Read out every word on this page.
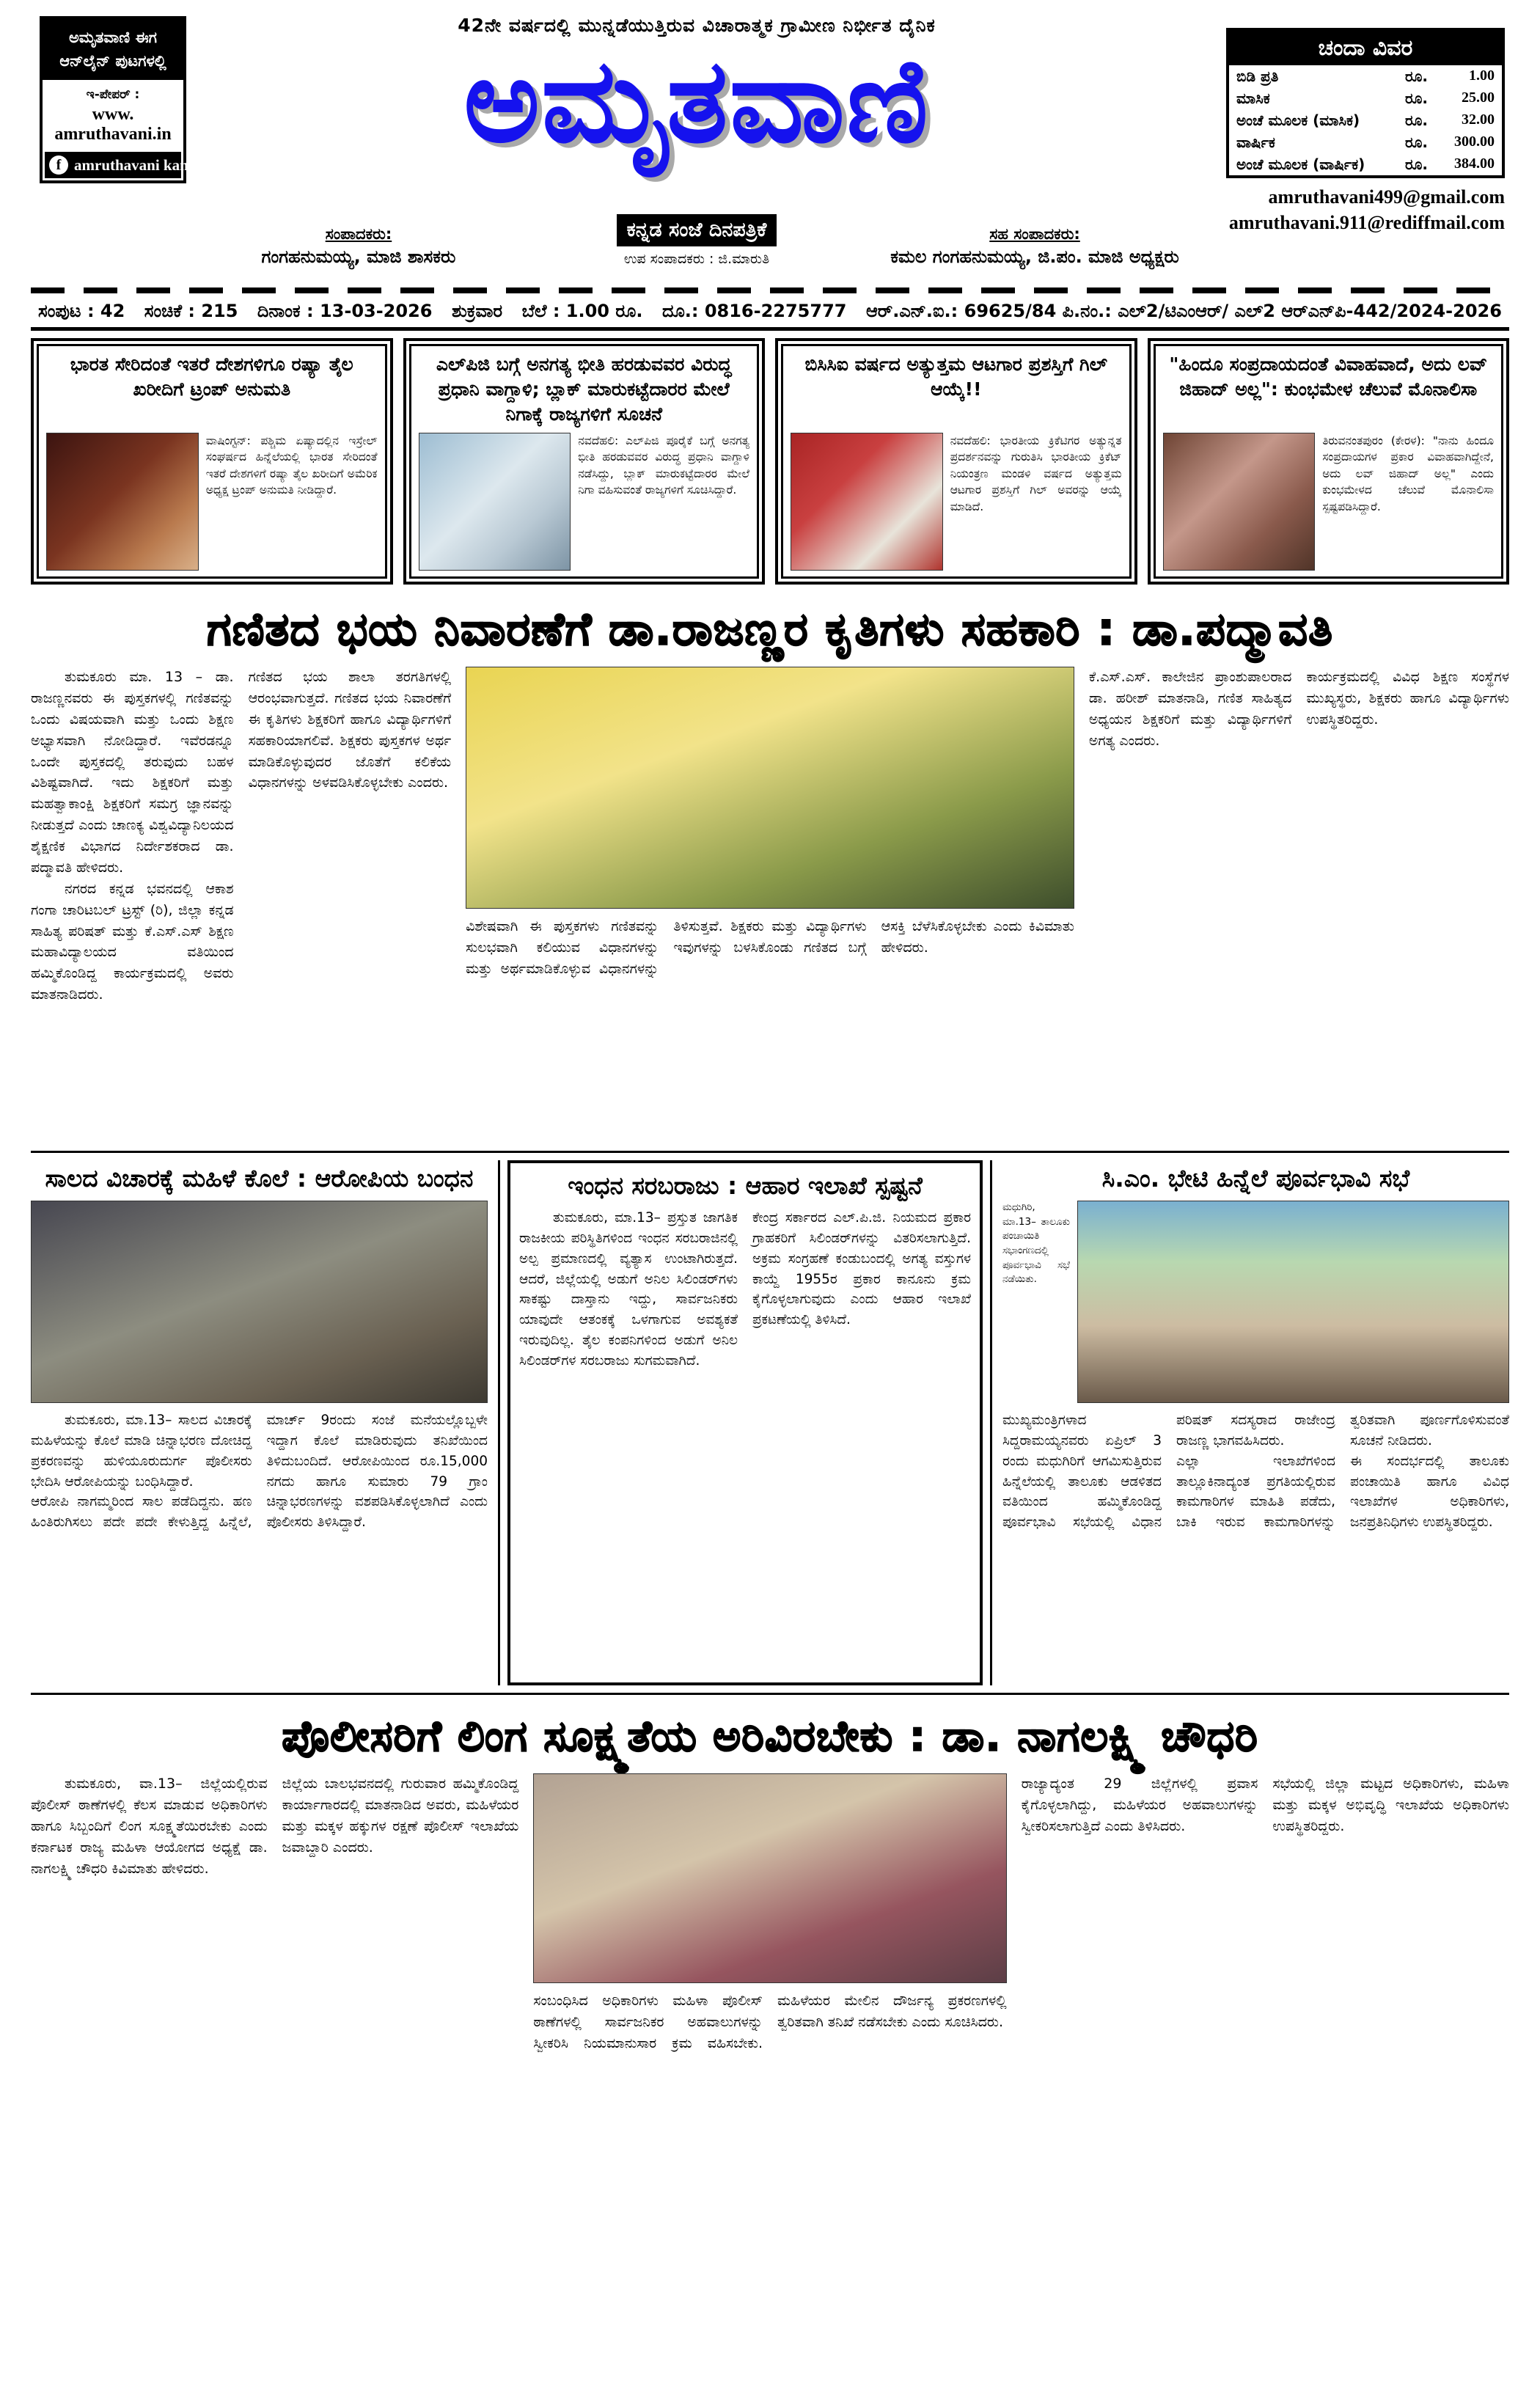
ಅಮೃತವಾಣಿ ಈಗ
ಆನ್‌ಲೈನ್ ಪುಟಗಳಲ್ಲಿ
ಇ-ಪೇಪರ್ :
www. amruthavani.in
f amruthavani kannada
42ನೇ ವರ್ಷದಲ್ಲಿ ಮುನ್ನಡೆಯುತ್ತಿರುವ ವಿಚಾರಾತ್ಮಕ ಗ್ರಾಮೀಣ ನಿರ್ಭೀತ ದೈನಿಕ
ಅಮೃತವಾಣಿ
ಸಂಪಾದಕರು:
ಗಂಗಹನುಮಯ್ಯ, ಮಾಜಿ ಶಾಸಕರು
ಕನ್ನಡ ಸಂಜೆ ದಿನಪತ್ರಿಕೆ
ಉಪ ಸಂಪಾದಕರು : ಜಿ.ಮಾರುತಿ
ಸಹ ಸಂಪಾದಕರು:
ಕಮಲ ಗಂಗಹನುಮಯ್ಯ, ಜಿ.ಪಂ. ಮಾಜಿ ಅಧ್ಯಕ್ಷರು
ಚಂದಾ ವಿವರ
ಬಿಡಿ ಪ್ರತಿ	ರೂ.	1.00
ಮಾಸಿಕ	ರೂ.	25.00
ಅಂಚೆ ಮೂಲಕ (ಮಾಸಿಕ)	ರೂ.	32.00
ವಾರ್ಷಿಕ	ರೂ.	300.00
ಅಂಚೆ ಮೂಲಕ (ವಾರ್ಷಿಕ)	ರೂ.	384.00
amruthavani499@gmail.com
amruthavani.911@rediffmail.com
ಸಂಪುಟ : 42 ಸಂಚಿಕೆ : 215 ದಿನಾಂಕ : 13-03-2026 ಶುಕ್ರವಾರ ಬೆಲೆ : 1.00 ರೂ. ದೂ.: 0816-2275777 ಆರ್.ಎನ್.ಐ.: 69625/84 ಪಿ.ನಂ.: ಎಲ್2/ಟಿಎಂಆರ್/ ಎಲ್2 ಆರ್‌ಎನ್‌ಪಿ-442/2024-2026
ಭಾರತ ಸೇರಿದಂತೆ ಇತರೆ ದೇಶಗಳಿಗೂ ರಷ್ಯಾ ತೈಲ ಖರೀದಿಗೆ ಟ್ರಂಪ್ ಅನುಮತಿ
ವಾಷಿಂಗ್ಟನ್: ಪಶ್ಚಿಮ ಏಷ್ಯಾದಲ್ಲಿನ ಇಸ್ರೇಲ್ ಸಂಘರ್ಷದ ಹಿನ್ನೆಲೆಯಲ್ಲಿ ಭಾರತ ಸೇರಿದಂತೆ ಇತರೆ ದೇಶಗಳಿಗೆ ರಷ್ಯಾ ತೈಲ ಖರೀದಿಗೆ ಅಮೆರಿಕ ಅಧ್ಯಕ್ಷ ಟ್ರಂಪ್ ಅನುಮತಿ ನೀಡಿದ್ದಾರೆ.
ಎಲ್‌ಪಿಜಿ ಬಗ್ಗೆ ಅನಗತ್ಯ ಭೀತಿ ಹರಡುವವರ ವಿರುದ್ಧ ಪ್ರಧಾನಿ ವಾಗ್ದಾಳಿ; ಬ್ಲಾಕ್ ಮಾರುಕಟ್ಟೆದಾರರ ಮೇಲೆ ನಿಗಾಕ್ಕೆ ರಾಜ್ಯಗಳಿಗೆ ಸೂಚನೆ
ನವದೆಹಲಿ: ಎಲ್‌ಪಿಜಿ ಪೂರೈಕೆ ಬಗ್ಗೆ ಅನಗತ್ಯ ಭೀತಿ ಹರಡುವವರ ವಿರುದ್ಧ ಪ್ರಧಾನಿ ವಾಗ್ದಾಳಿ ನಡೆಸಿದ್ದು, ಬ್ಲಾಕ್ ಮಾರುಕಟ್ಟೆದಾರರ ಮೇಲೆ ನಿಗಾ ವಹಿಸುವಂತೆ ರಾಜ್ಯಗಳಿಗೆ ಸೂಚಿಸಿದ್ದಾರೆ.
ಬಿಸಿಸಿಐ ವರ್ಷದ ಅತ್ಯುತ್ತಮ ಆಟಗಾರ ಪ್ರಶಸ್ತಿಗೆ ಗಿಲ್ ಆಯ್ಕೆ!!
ನವದೆಹಲಿ: ಭಾರತೀಯ ಕ್ರಿಕೆಟಿಗರ ಅತ್ಯುನ್ನತ ಪ್ರದರ್ಶನವನ್ನು ಗುರುತಿಸಿ ಭಾರತೀಯ ಕ್ರಿಕೆಟ್ ನಿಯಂತ್ರಣ ಮಂಡಳಿ ವರ್ಷದ ಅತ್ಯುತ್ತಮ ಆಟಗಾರ ಪ್ರಶಸ್ತಿಗೆ ಗಿಲ್ ಅವರನ್ನು ಆಯ್ಕೆ ಮಾಡಿದೆ.
"ಹಿಂದೂ ಸಂಪ್ರದಾಯದಂತೆ ವಿವಾಹವಾದೆ, ಅದು ಲವ್ ಜಿಹಾದ್ ಅಲ್ಲ": ಕುಂಭಮೇಳ ಚೆಲುವೆ ಮೊನಾಲಿಸಾ
ತಿರುವನಂತಪುರಂ (ಕೇರಳ): "ನಾನು ಹಿಂದೂ ಸಂಪ್ರದಾಯಗಳ ಪ್ರಕಾರ ವಿವಾಹವಾಗಿದ್ದೇನೆ, ಅದು ಲವ್ ಜಿಹಾದ್ ಅಲ್ಲ" ಎಂದು ಕುಂಭಮೇಳದ ಚೆಲುವೆ ಮೊನಾಲಿಸಾ ಸ್ಪಷ್ಟಪಡಿಸಿದ್ದಾರೆ.
ಗಣಿತದ ಭಯ ನಿವಾರಣೆಗೆ ಡಾ.ರಾಜಣ್ಣರ ಕೃತಿಗಳು ಸಹಕಾರಿ : ಡಾ.ಪದ್ಮಾವತಿ

ತುಮಕೂರು ಮಾ. 13 – ಡಾ. ರಾಜಣ್ಣನವರು ಈ ಪುಸ್ತಕಗಳಲ್ಲಿ ಗಣಿತವನ್ನು ಒಂದು ವಿಷಯವಾಗಿ ಮತ್ತು ಒಂದು ಶಿಕ್ಷಣ ಅಭ್ಯಾಸವಾಗಿ ನೋಡಿದ್ದಾರೆ. ಇವೆರಡನ್ನೂ ಒಂದೇ ಪುಸ್ತಕದಲ್ಲಿ ತರುವುದು ಬಹಳ ವಿಶಿಷ್ಟವಾಗಿದೆ. ಇದು ಶಿಕ್ಷಕರಿಗೆ ಮತ್ತು ಮಹತ್ವಾಕಾಂಕ್ಷಿ ಶಿಕ್ಷಕರಿಗೆ ಸಮಗ್ರ ಜ್ಞಾನವನ್ನು ನೀಡುತ್ತದೆ ಎಂದು ಚಾಣಕ್ಯ ವಿಶ್ವವಿದ್ಯಾನಿಲಯದ ಶೈಕ್ಷಣಿಕ ವಿಭಾಗದ ನಿರ್ದೇಶಕರಾದ ಡಾ. ಪದ್ಮಾವತಿ ಹೇಳಿದರು.

ನಗರದ ಕನ್ನಡ ಭವನದಲ್ಲಿ ಆಕಾಶ ಗಂಗಾ ಚಾರಿಟಬಲ್ ಟ್ರಸ್ಟ್ (ರಿ), ಜಿಲ್ಲಾ ಕನ್ನಡ ಸಾಹಿತ್ಯ ಪರಿಷತ್ ಮತ್ತು ಕೆ.ಎಸ್.ಎಸ್ ಶಿಕ್ಷಣ ಮಹಾವಿದ್ಯಾಲಯದ ವತಿಯಿಂದ ಹಮ್ಮಿಕೊಂಡಿದ್ದ ಕಾರ್ಯಕ್ರಮದಲ್ಲಿ ಅವರು ಮಾತನಾಡಿದರು.

ಗಣಿತದ ಭಯ ಶಾಲಾ ತರಗತಿಗಳಲ್ಲಿ ಆರಂಭವಾಗುತ್ತದೆ. ಗಣಿತದ ಭಯ ನಿವಾರಣೆಗೆ ಈ ಕೃತಿಗಳು ಶಿಕ್ಷಕರಿಗೆ ಹಾಗೂ ವಿದ್ಯಾರ್ಥಿಗಳಿಗೆ ಸಹಕಾರಿಯಾಗಲಿವೆ. ಶಿಕ್ಷಕರು ಪುಸ್ತಕಗಳ ಅರ್ಥ ಮಾಡಿಕೊಳ್ಳುವುದರ ಜೊತೆಗೆ ಕಲಿಕೆಯ ವಿಧಾನಗಳನ್ನು ಅಳವಡಿಸಿಕೊಳ್ಳಬೇಕು ಎಂದರು.

ವಿಶೇಷವಾಗಿ ಈ ಪುಸ್ತಕಗಳು ಗಣಿತವನ್ನು ಸುಲಭವಾಗಿ ಕಲಿಯುವ ವಿಧಾನಗಳನ್ನು ಮತ್ತು ಅರ್ಥಮಾಡಿಕೊಳ್ಳುವ ವಿಧಾನಗಳನ್ನು ತಿಳಿಸುತ್ತವೆ. ಶಿಕ್ಷಕರು ಮತ್ತು ವಿದ್ಯಾರ್ಥಿಗಳು ಇವುಗಳನ್ನು ಬಳಸಿಕೊಂಡು ಗಣಿತದ ಬಗ್ಗೆ ಆಸಕ್ತಿ ಬೆಳೆಸಿಕೊಳ್ಳಬೇಕು ಎಂದು ಕಿವಿಮಾತು ಹೇಳಿದರು.

ಕೆ.ಎಸ್.ಎಸ್. ಕಾಲೇಜಿನ ಪ್ರಾಂಶುಪಾಲರಾದ ಡಾ. ಹರೀಶ್ ಮಾತನಾಡಿ, ಗಣಿತ ಸಾಹಿತ್ಯದ ಅಧ್ಯಯನ ಶಿಕ್ಷಕರಿಗೆ ಮತ್ತು ವಿದ್ಯಾರ್ಥಿಗಳಿಗೆ ಅಗತ್ಯ ಎಂದರು.

ಕಾರ್ಯಕ್ರಮದಲ್ಲಿ ವಿವಿಧ ಶಿಕ್ಷಣ ಸಂಸ್ಥೆಗಳ ಮುಖ್ಯಸ್ಥರು, ಶಿಕ್ಷಕರು ಹಾಗೂ ವಿದ್ಯಾರ್ಥಿಗಳು ಉಪಸ್ಥಿತರಿದ್ದರು.

ಸಾಲದ ವಿಚಾರಕ್ಕೆ ಮಹಿಳೆ ಕೊಲೆ : ಆರೋಪಿಯ ಬಂಧನ

ತುಮಕೂರು, ಮಾ.13– ಸಾಲದ ವಿಚಾರಕ್ಕೆ ಮಹಿಳೆಯನ್ನು ಕೊಲೆ ಮಾಡಿ ಚಿನ್ನಾಭರಣ ದೋಚಿದ್ದ ಪ್ರಕರಣವನ್ನು ಹುಳಿಯೂರುದುರ್ಗ ಪೊಲೀಸರು ಭೇದಿಸಿ ಆರೋಪಿಯನ್ನು ಬಂಧಿಸಿದ್ದಾರೆ.

ಆರೋಪಿ ನಾಗಮ್ಮರಿಂದ ಸಾಲ ಪಡೆದಿದ್ದನು. ಹಣ ಹಿಂತಿರುಗಿಸಲು ಪದೇ ಪದೇ ಕೇಳುತ್ತಿದ್ದ ಹಿನ್ನೆಲೆ, ಮಾರ್ಚ್ 9ರಂದು ಸಂಜೆ ಮನೆಯಲ್ಲೊಬ್ಬಳೇ ಇದ್ದಾಗ ಕೊಲೆ ಮಾಡಿರುವುದು ತನಿಖೆಯಿಂದ ತಿಳಿದುಬಂದಿದೆ. ಆರೋಪಿಯಿಂದ ರೂ.15,000 ನಗದು ಹಾಗೂ ಸುಮಾರು 79 ಗ್ರಾಂ ಚಿನ್ನಾಭರಣಗಳನ್ನು ವಶಪಡಿಸಿಕೊಳ್ಳಲಾಗಿದೆ ಎಂದು ಪೊಲೀಸರು ತಿಳಿಸಿದ್ದಾರೆ.

ಇಂಧನ ಸರಬರಾಜು : ಆಹಾರ ಇಲಾಖೆ ಸ್ಪಷ್ಟನೆ

ತುಮಕೂರು, ಮಾ.13– ಪ್ರಸ್ತುತ ಜಾಗತಿಕ ರಾಜಕೀಯ ಪರಿಸ್ಥಿತಿಗಳಿಂದ ಇಂಧನ ಸರಬರಾಜಿನಲ್ಲಿ ಅಲ್ಪ ಪ್ರಮಾಣದಲ್ಲಿ ವ್ಯತ್ಯಾಸ ಉಂಟಾಗಿರುತ್ತದೆ. ಆದರೆ, ಜಿಲ್ಲೆಯಲ್ಲಿ ಅಡುಗೆ ಅನಿಲ ಸಿಲಿಂಡರ್‌ಗಳು ಸಾಕಷ್ಟು ದಾಸ್ತಾನು ಇದ್ದು, ಸಾರ್ವಜನಿಕರು ಯಾವುದೇ ಆತಂಕಕ್ಕೆ ಒಳಗಾಗುವ ಅವಶ್ಯಕತೆ ಇರುವುದಿಲ್ಲ. ತೈಲ ಕಂಪನಿಗಳಿಂದ ಅಡುಗೆ ಅನಿಲ ಸಿಲಿಂಡರ್‌ಗಳ ಸರಬರಾಜು ಸುಗಮವಾಗಿದೆ.

ಕೇಂದ್ರ ಸರ್ಕಾರದ ಎಲ್.ಪಿ.ಜಿ. ನಿಯಮದ ಪ್ರಕಾರ ಗ್ರಾಹಕರಿಗೆ ಸಿಲಿಂಡರ್‌ಗಳನ್ನು ವಿತರಿಸಲಾಗುತ್ತಿದೆ. ಅಕ್ರಮ ಸಂಗ್ರಹಣೆ ಕಂಡುಬಂದಲ್ಲಿ ಅಗತ್ಯ ವಸ್ತುಗಳ ಕಾಯ್ದೆ 1955ರ ಪ್ರಕಾರ ಕಾನೂನು ಕ್ರಮ ಕೈಗೊಳ್ಳಲಾಗುವುದು ಎಂದು ಆಹಾರ ಇಲಾಖೆ ಪ್ರಕಟಣೆಯಲ್ಲಿ ತಿಳಿಸಿದೆ.

ಸಿ.ಎಂ. ಭೇಟಿ ಹಿನ್ನೆಲೆ ಪೂರ್ವಭಾವಿ ಸಭೆ
ಮಧುಗಿರಿ, ಮಾ.13– ತಾಲೂಕು ಪಂಚಾಯಿತಿ ಸಭಾಂಗಣದಲ್ಲಿ ಪೂರ್ವಭಾವಿ ಸಭೆ ನಡೆಯಿತು.

ಮುಖ್ಯಮಂತ್ರಿಗಳಾದ ಸಿದ್ದರಾಮಯ್ಯನವರು ಏಪ್ರಿಲ್ 3 ರಂದು ಮಧುಗಿರಿಗೆ ಆಗಮಿಸುತ್ತಿರುವ ಹಿನ್ನೆಲೆಯಲ್ಲಿ ತಾಲೂಕು ಆಡಳಿತದ ವತಿಯಿಂದ ಹಮ್ಮಿಕೊಂಡಿದ್ದ ಪೂರ್ವಭಾವಿ ಸಭೆಯಲ್ಲಿ ವಿಧಾನ ಪರಿಷತ್ ಸದಸ್ಯರಾದ ರಾಜೇಂದ್ರ ರಾಜಣ್ಣ ಭಾಗವಹಿಸಿದರು.

ಎಲ್ಲಾ ಇಲಾಖೆಗಳಿಂದ ತಾಲ್ಲೂಕಿನಾದ್ಯಂತ ಪ್ರಗತಿಯಲ್ಲಿರುವ ಕಾಮಗಾರಿಗಳ ಮಾಹಿತಿ ಪಡೆದು, ಬಾಕಿ ಇರುವ ಕಾಮಗಾರಿಗಳನ್ನು ತ್ವರಿತವಾಗಿ ಪೂರ್ಣಗೊಳಿಸುವಂತೆ ಸೂಚನೆ ನೀಡಿದರು.

ಈ ಸಂದರ್ಭದಲ್ಲಿ ತಾಲೂಕು ಪಂಚಾಯಿತಿ ಹಾಗೂ ವಿವಿಧ ಇಲಾಖೆಗಳ ಅಧಿಕಾರಿಗಳು, ಜನಪ್ರತಿನಿಧಿಗಳು ಉಪಸ್ಥಿತರಿದ್ದರು.

ಪೊಲೀಸರಿಗೆ ಲಿಂಗ ಸೂಕ್ಷ್ಮತೆಯ ಅರಿವಿರಬೇಕು : ಡಾ. ನಾಗಲಕ್ಷ್ಮಿ ಚೌಧರಿ

ತುಮಕೂರು, ವಾ.13– ಜಿಲ್ಲೆಯಲ್ಲಿರುವ ಪೊಲೀಸ್ ಠಾಣೆಗಳಲ್ಲಿ ಕೆಲಸ ಮಾಡುವ ಅಧಿಕಾರಿಗಳು ಹಾಗೂ ಸಿಬ್ಬಂದಿಗೆ ಲಿಂಗ ಸೂಕ್ಷ್ಮತೆಯಿರಬೇಕು ಎಂದು ಕರ್ನಾಟಕ ರಾಜ್ಯ ಮಹಿಳಾ ಆಯೋಗದ ಅಧ್ಯಕ್ಷೆ ಡಾ. ನಾಗಲಕ್ಷ್ಮಿ ಚೌಧರಿ ಕಿವಿಮಾತು ಹೇಳಿದರು.

ಜಿಲ್ಲೆಯ ಬಾಲಭವನದಲ್ಲಿ ಗುರುವಾರ ಹಮ್ಮಿಕೊಂಡಿದ್ದ ಕಾರ್ಯಾಗಾರದಲ್ಲಿ ಮಾತನಾಡಿದ ಅವರು, ಮಹಿಳೆಯರ ಮತ್ತು ಮಕ್ಕಳ ಹಕ್ಕುಗಳ ರಕ್ಷಣೆ ಪೊಲೀಸ್ ಇಲಾಖೆಯ ಜವಾಬ್ದಾರಿ ಎಂದರು.

ಸಂಬಂಧಿಸಿದ ಅಧಿಕಾರಿಗಳು ಮಹಿಳಾ ಪೊಲೀಸ್ ಠಾಣೆಗಳಲ್ಲಿ ಸಾರ್ವಜನಿಕರ ಅಹವಾಲುಗಳನ್ನು ಸ್ವೀಕರಿಸಿ ನಿಯಮಾನುಸಾರ ಕ್ರಮ ವಹಿಸಬೇಕು. ಮಹಿಳೆಯರ ಮೇಲಿನ ದೌರ್ಜನ್ಯ ಪ್ರಕರಣಗಳಲ್ಲಿ ತ್ವರಿತವಾಗಿ ತನಿಖೆ ನಡೆಸಬೇಕು ಎಂದು ಸೂಚಿಸಿದರು.

ರಾಜ್ಯಾದ್ಯಂತ 29 ಜಿಲ್ಲೆಗಳಲ್ಲಿ ಪ್ರವಾಸ ಕೈಗೊಳ್ಳಲಾಗಿದ್ದು, ಮಹಿಳೆಯರ ಅಹವಾಲುಗಳನ್ನು ಸ್ವೀಕರಿಸಲಾಗುತ್ತಿದೆ ಎಂದು ತಿಳಿಸಿದರು.

ಸಭೆಯಲ್ಲಿ ಜಿಲ್ಲಾ ಮಟ್ಟದ ಅಧಿಕಾರಿಗಳು, ಮಹಿಳಾ ಮತ್ತು ಮಕ್ಕಳ ಅಭಿವೃದ್ಧಿ ಇಲಾಖೆಯ ಅಧಿಕಾರಿಗಳು ಉಪಸ್ಥಿತರಿದ್ದರು.
